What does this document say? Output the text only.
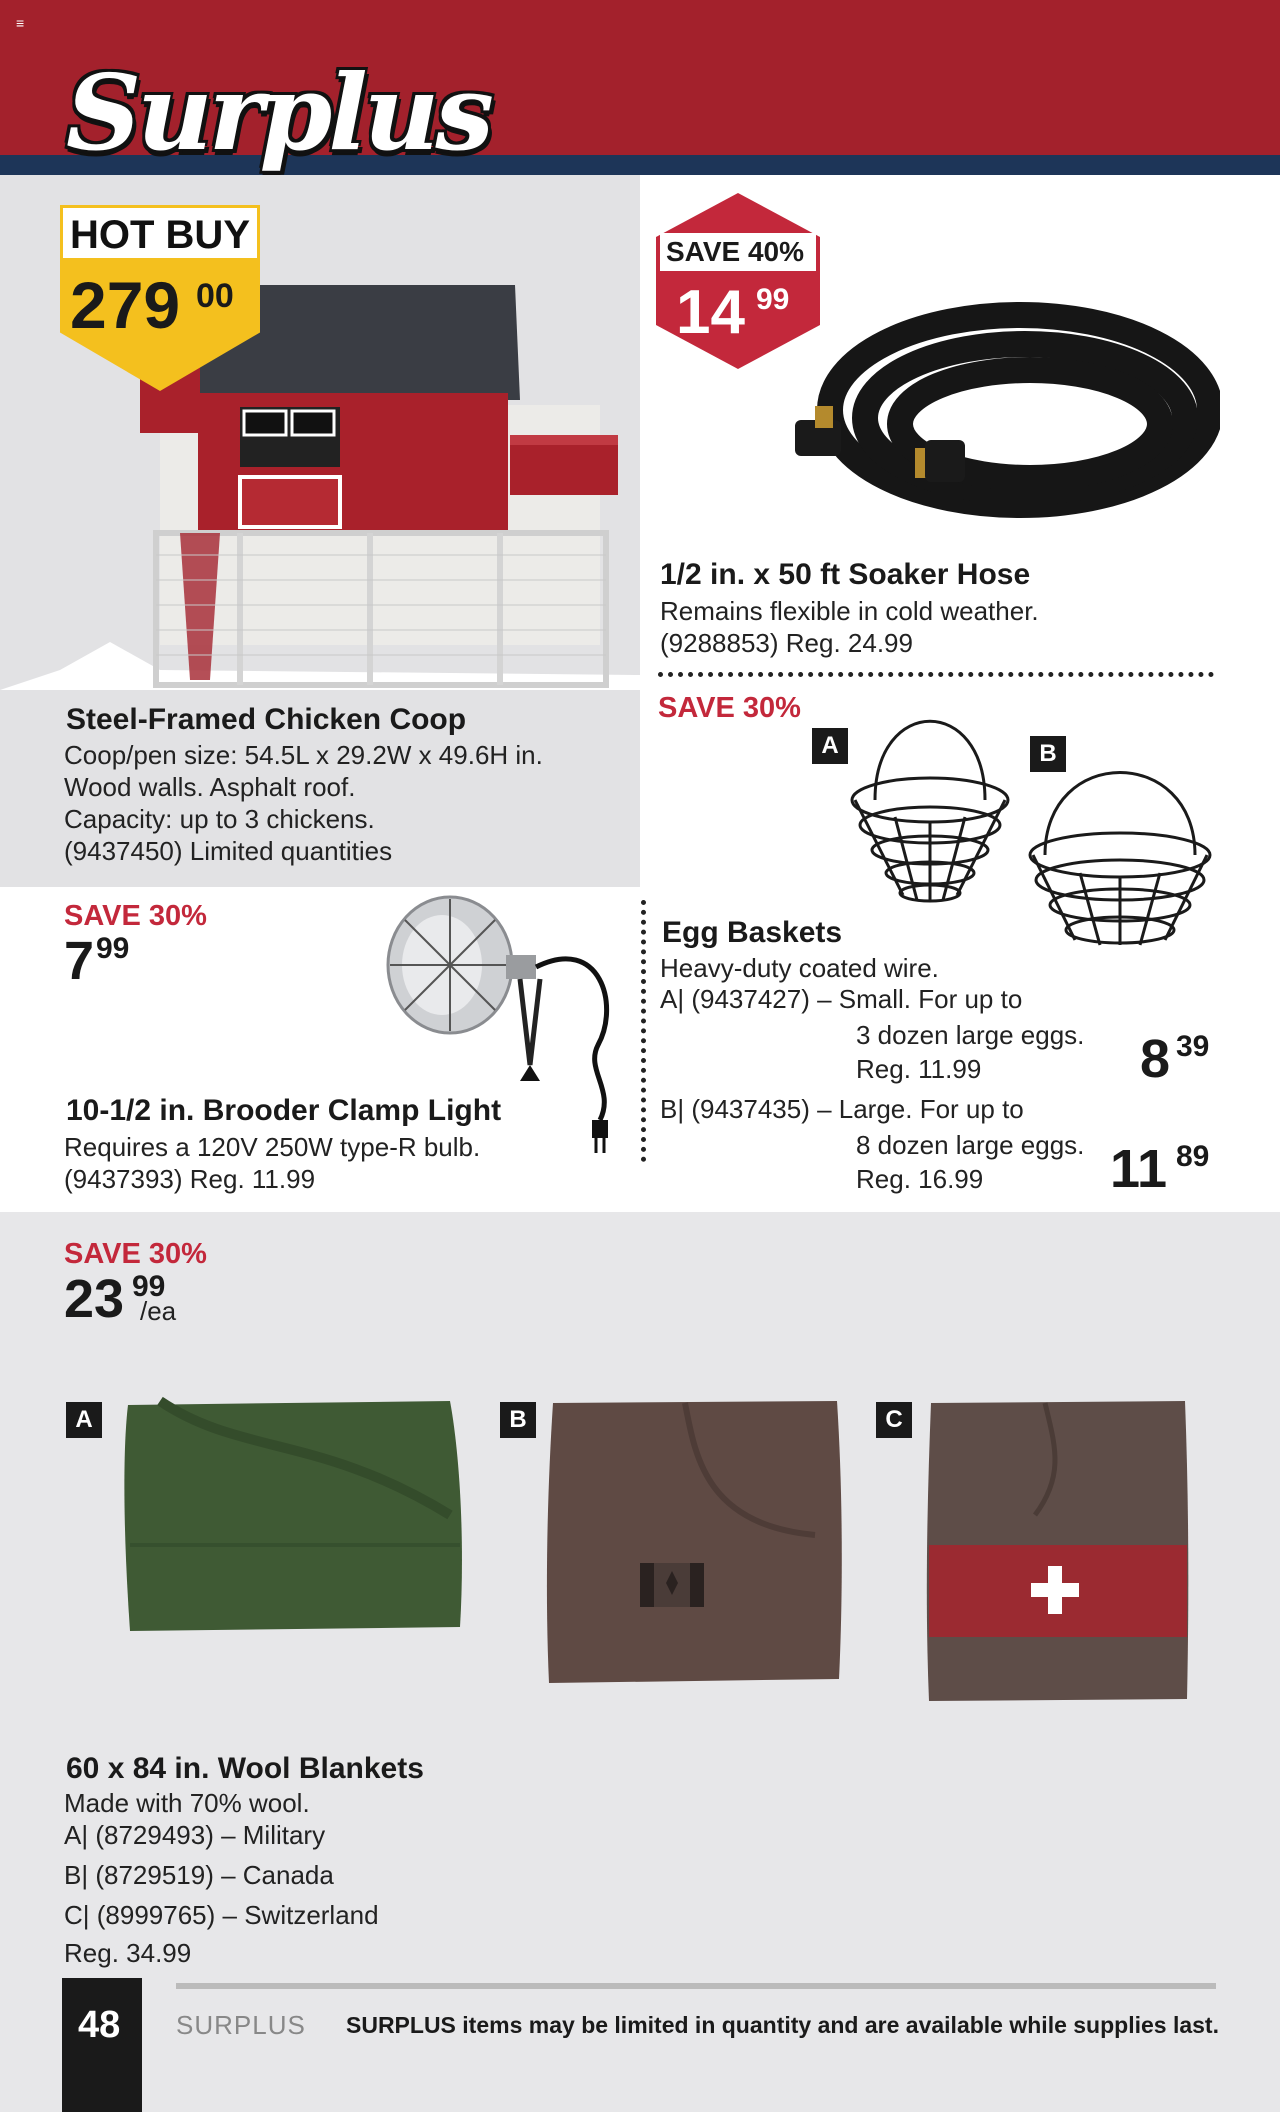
≡
Surplus
HOT BUY
279 00
Steel-Framed Chicken Coop
Coop/pen size: 54.5L x 29.2W x 49.6H in.
Wood walls. Asphalt roof.
Capacity: up to 3 chickens.
(9437450) Limited quantities
SAVE 40%
14 99
1/2 in. x 50 ft Soaker Hose
Remains flexible in cold weather.
(9288853) Reg. 24.99
SAVE 30%
A	B
Egg Baskets
Heavy-duty coated wire.
A| (9437427) – Small. For up to
3 dozen large eggs.
Reg. 11.99	8 39
B| (9437435) – Large. For up to
8 dozen large eggs.
Reg. 16.99 11 89
SAVE 30%
7 99
10-1/2 in. Brooder Clamp Light
Requires a 120V 250W type-R bulb.
(9437393) Reg. 11.99
SAVE 30%
23 99
/ea
A	B	C
60 x 84 in. Wool Blankets
Made with 70% wool.
A| (8729493) – Military
B| (8729519) – Canada
C| (8999765) – Switzerland
Reg. 34.99
48 SURPLUS SURPLUS items may be limited in quantity and are available while supplies last.
